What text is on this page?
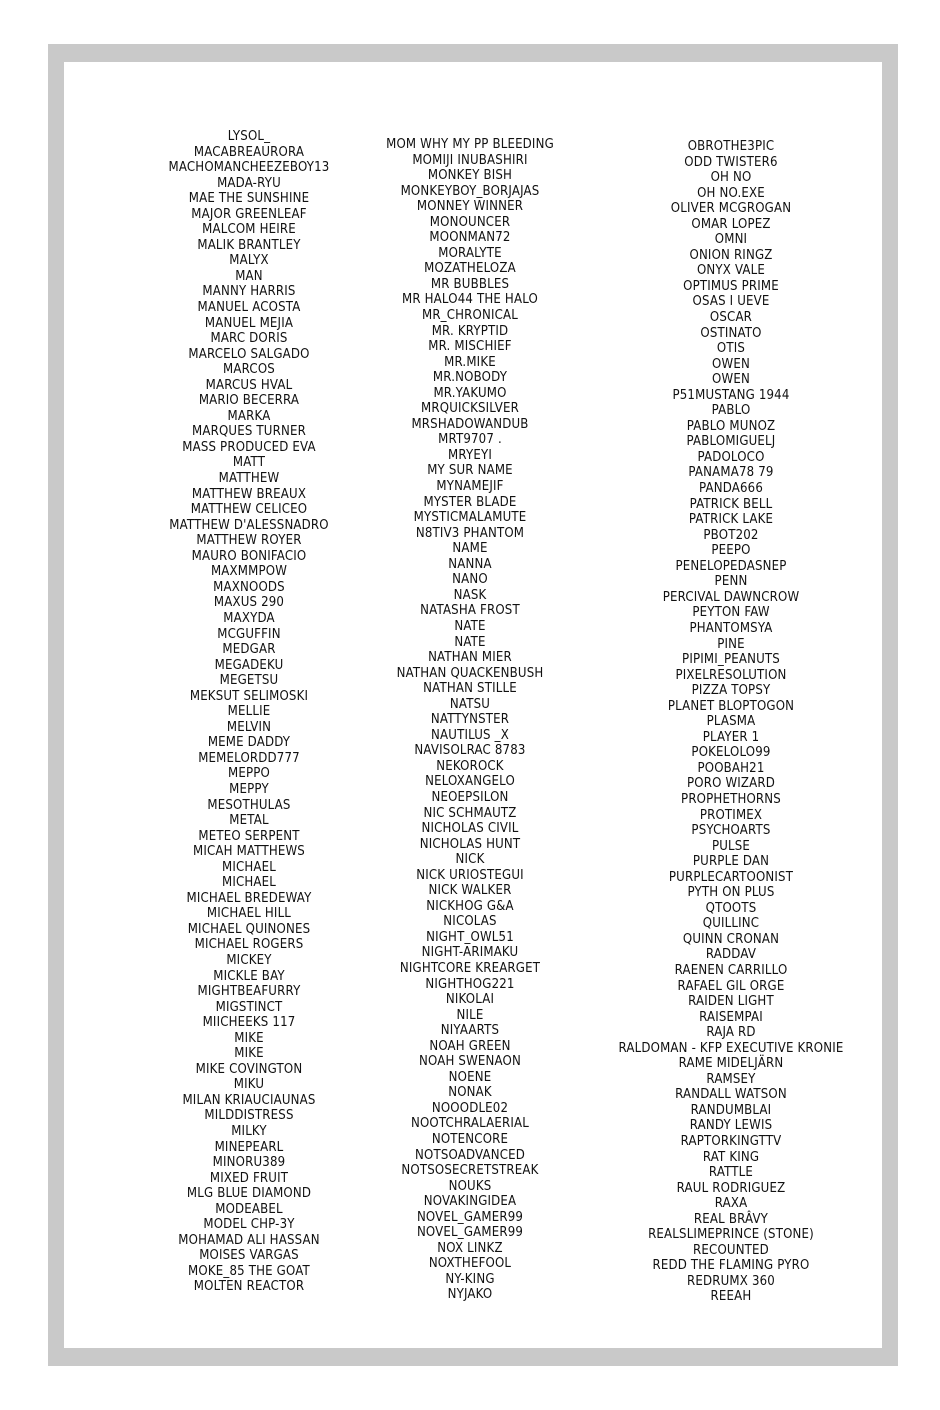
LYSOL_
MACABREAURORA
MACHOMANCHEEZEBOY13
MADA-RYU
MAE THE SUNSHINE
MAJOR GREENLEAF
MALCOM HEIRE
MALIK BRANTLEY
MALYX
MAN
MANNY HARRIS
MANUEL ACOSTA
MANUEL MEJIA
MARC DORIS
MARCELO SALGADO
MARCOS
MARCUS HVAL
MARIO BECERRA
MARKA
MARQUES TURNER
MASS PRODUCED EVA
MATT
MATTHEW
MATTHEW BREAUX
MATTHEW CELICEO
MATTHEW D'ALESSNADRO
MATTHEW ROYER
MAURO BONIFACIO
MAXMMPOW
MAXNOODS
MAXUS 290
MAXYDA
MCGUFFIN
MEDGAR
MEGADEKU
MEGETSU
MEKSUT SELIMOSKI
MELLIE
MELVIN
MEME DADDY
MEMELORDD777
MEPPO
MEPPY
MESOTHULAS
METAL
METEO SERPENT
MICAH MATTHEWS
MICHAEL
MICHAEL
MICHAEL BREDEWAY
MICHAEL HILL
MICHAEL QUINONES
MICHAEL ROGERS
MICKEY
MICKLE BAY
MIGHTBEAFURRY
MIGSTINCT
MIICHEEKS 117
MIKE
MIKE
MIKE COVINGTON
MIKU
MILAN KRIAUCIAUNAS
MILDDISTRESS
MILKY
MINEPEARL
MINORU389
MIXED FRUIT
MLG BLUE DIAMOND
MODEABEL
MODEL CHP-3Y
MOHAMAD ALI HASSAN
MOISES VARGAS
MOKE_85 THE GOAT
MOLTEN REACTOR
MOM WHY MY PP BLEEDING
MOMIJI INUBASHIRI
MONKEY BISH
MONKEYBOY_BORJAJAS
MONNEY WINNER
MONOUNCER
MOONMAN72
MORALYTE
MOZATHELOZA
MR BUBBLES
MR HALO44 THE HALO
MR_CHRONICAL
MR. KRYPTID
MR. MISCHIEF
MR.MIKE
MR.NOBODY
MR.YAKUMO
MRQUICKSILVER
MRSHADOWANDUB
MRT9707 .
MRYEYI
MY SUR NAME
MYNAMEJIF
MYSTER BLADE
MYSTICMALAMUTE
N8TIV3 PHANTOM
NAME
NANNA
NANO
NASK
NATASHA FROST
NATE
NATE
NATHAN MIER
NATHAN QUACKENBUSH
NATHAN STILLE
NATSU
NATTYNSTER
NAUTILUS _X
NAVISOLRAC 8783
NEKOROCK
NELOXANGELO
NEOEPSILON
NIC SCHMAUTZ
NICHOLAS CIVIL
NICHOLAS HUNT
NICK
NICK URIOSTEGUI
NICK WALKER
NICKHOG G&A
NICOLAS
NIGHT_OWL51
NIGHT-ARIMAKU
NIGHTCORE KREARGET
NIGHTHOG221
NIKOLAI
NILE
NIYAARTS
NOAH GREEN
NOAH SWENAON
NOENE
NONAK
NOOODLE02
NOOTCHRALAERIAL
NOTENCORE
NOTSOADVANCED
NOTSOSECRETSTREAK
NOUKS
NOVAKINGIDEA
NOVEL_GAMER99
NOVEL_GAMER99
NOX LINKZ
NOXTHEFOOL
NY-KING
NYJAKO
OBROTHE3PIC
ODD TWISTER6
OH NO
OH NO.EXE
OLIVER MCGROGAN
OMAR LOPEZ
OMNI
ONION RINGZ
ONYX VALE
OPTIMUS PRIME
OSAS I UEVE
OSCAR
OSTINATO
OTIS
OWEN
OWEN
P51MUSTANG 1944
PABLO
PABLO MUNOZ
PABLOMIGUELJ
PADOLOCO
PANAMA78 79
PANDA666
PATRICK BELL
PATRICK LAKE
PBOT202
PEEPO
PENELOPEDASNEP
PENN
PERCIVAL DAWNCROW
PEYTON FAW
PHANTOMSYA
PINE
PIPIMI_PEANUTS
PIXELRESOLUTION
PIZZA TOPSY
PLANET BLOPTOGON
PLASMA
PLAYER 1
POKELOLO99
POOBAH21
PORO WIZARD
PROPHETHORNS
PROTIMEX
PSYCHOARTS
PULSE
PURPLE DAN
PURPLECARTOONIST
PYTH ON PLUS
QTOOTS
QUILLINC
QUINN CRONAN
RADDAV
RAENEN CARRILLO
RAFAEL GIL ORGE
RAIDEN LIGHT
RAISEMPAI
RAJA RD
RALDOMAN - KFP EXECUTIVE KRONIE
RAME MIDELJÄRN
RAMSEY
RANDALL WATSON
RANDUMBLAI
RANDY LEWIS
RAPTORKINGTTV
RAT KING
RATTLE
RAUL RODRIGUEZ
RAXA
REAL BRÂVY
REALSLIMEPRINCE (STONE)
RECOUNTED
REDD THE FLAMING PYRO
REDRUMX 360
REEAH
